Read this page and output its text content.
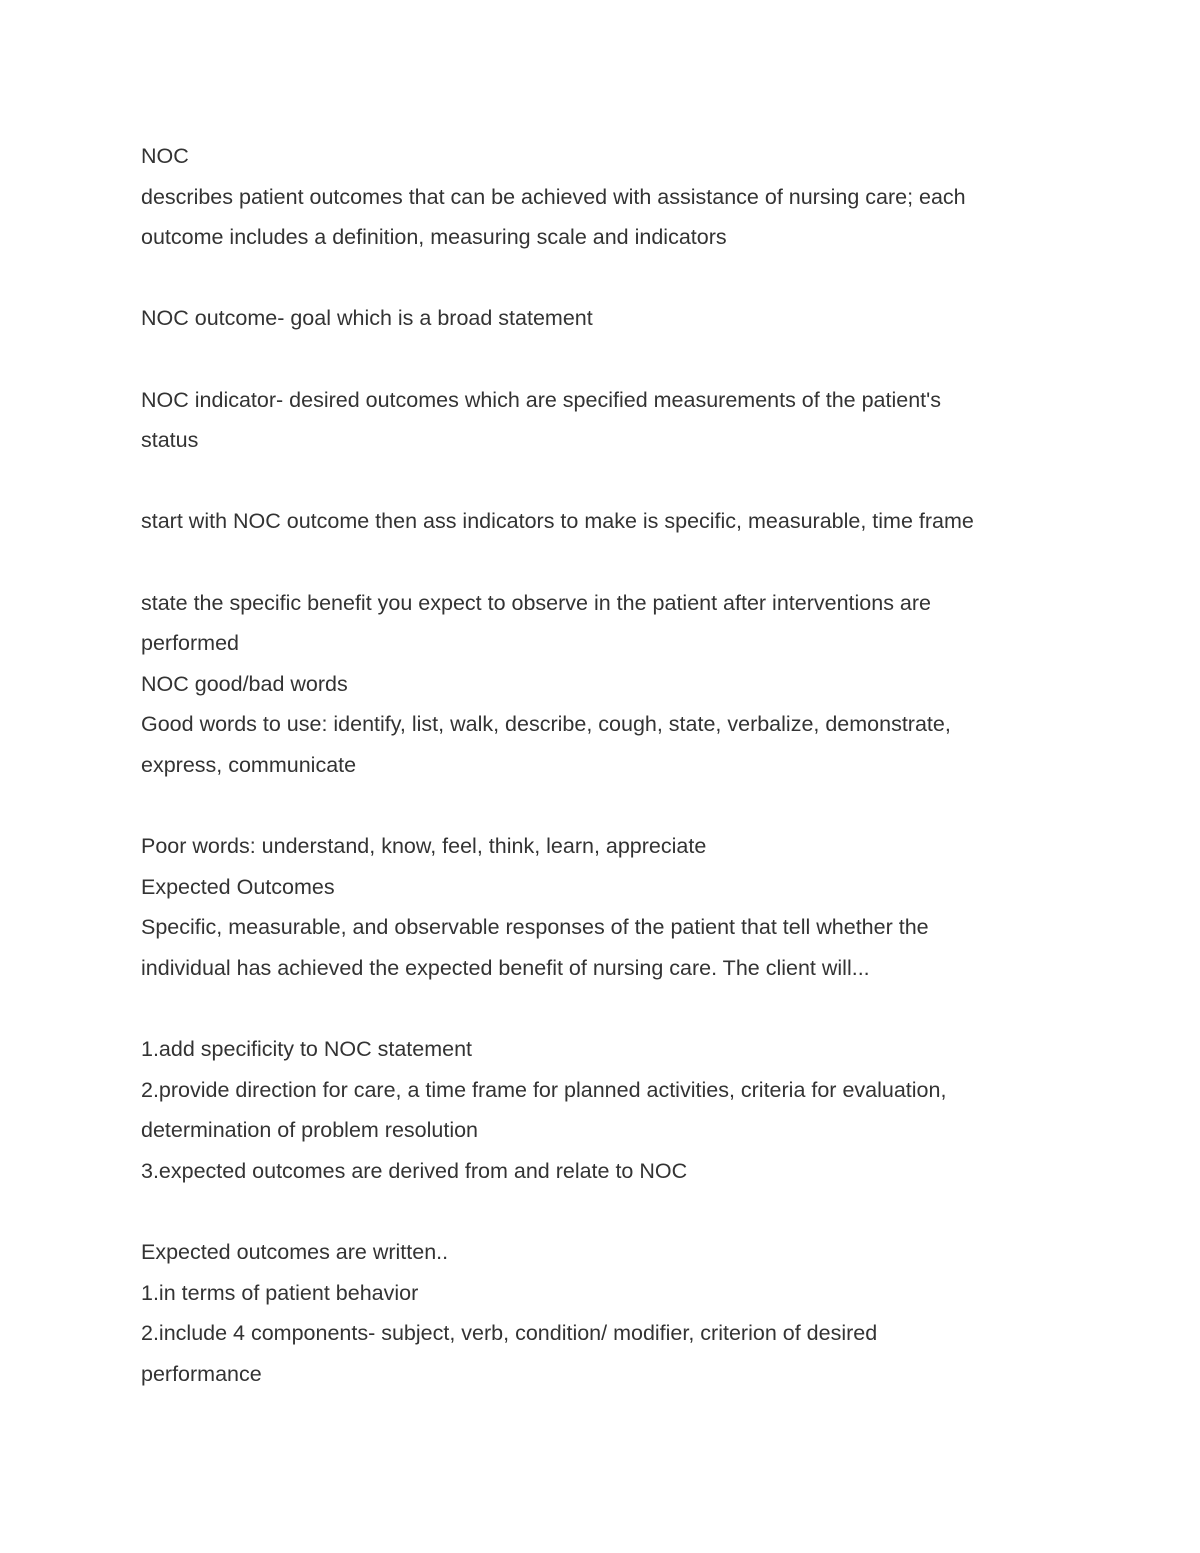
NOC
describes patient outcomes that can be achieved with assistance of nursing care; each
outcome includes a definition, measuring scale and indicators
NOC outcome- goal which is a broad statement
NOC indicator- desired outcomes which are specified measurements of the patient's
status
start with NOC outcome then ass indicators to make is specific, measurable, time frame
state the specific benefit you expect to observe in the patient after interventions are
performed
NOC good/bad words
Good words to use: identify, list, walk, describe, cough, state, verbalize, demonstrate,
express, communicate
Poor words: understand, know, feel, think, learn, appreciate
Expected Outcomes
Specific, measurable, and observable responses of the patient that tell whether the
individual has achieved the expected benefit of nursing care. The client will...
1.add specificity to NOC statement
2.provide direction for care, a time frame for planned activities, criteria for evaluation,
determination of problem resolution
3.expected outcomes are derived from and relate to NOC
Expected outcomes are written..
1.in terms of patient behavior
2.include 4 components- subject, verb, condition/ modifier, criterion of desired
performance
